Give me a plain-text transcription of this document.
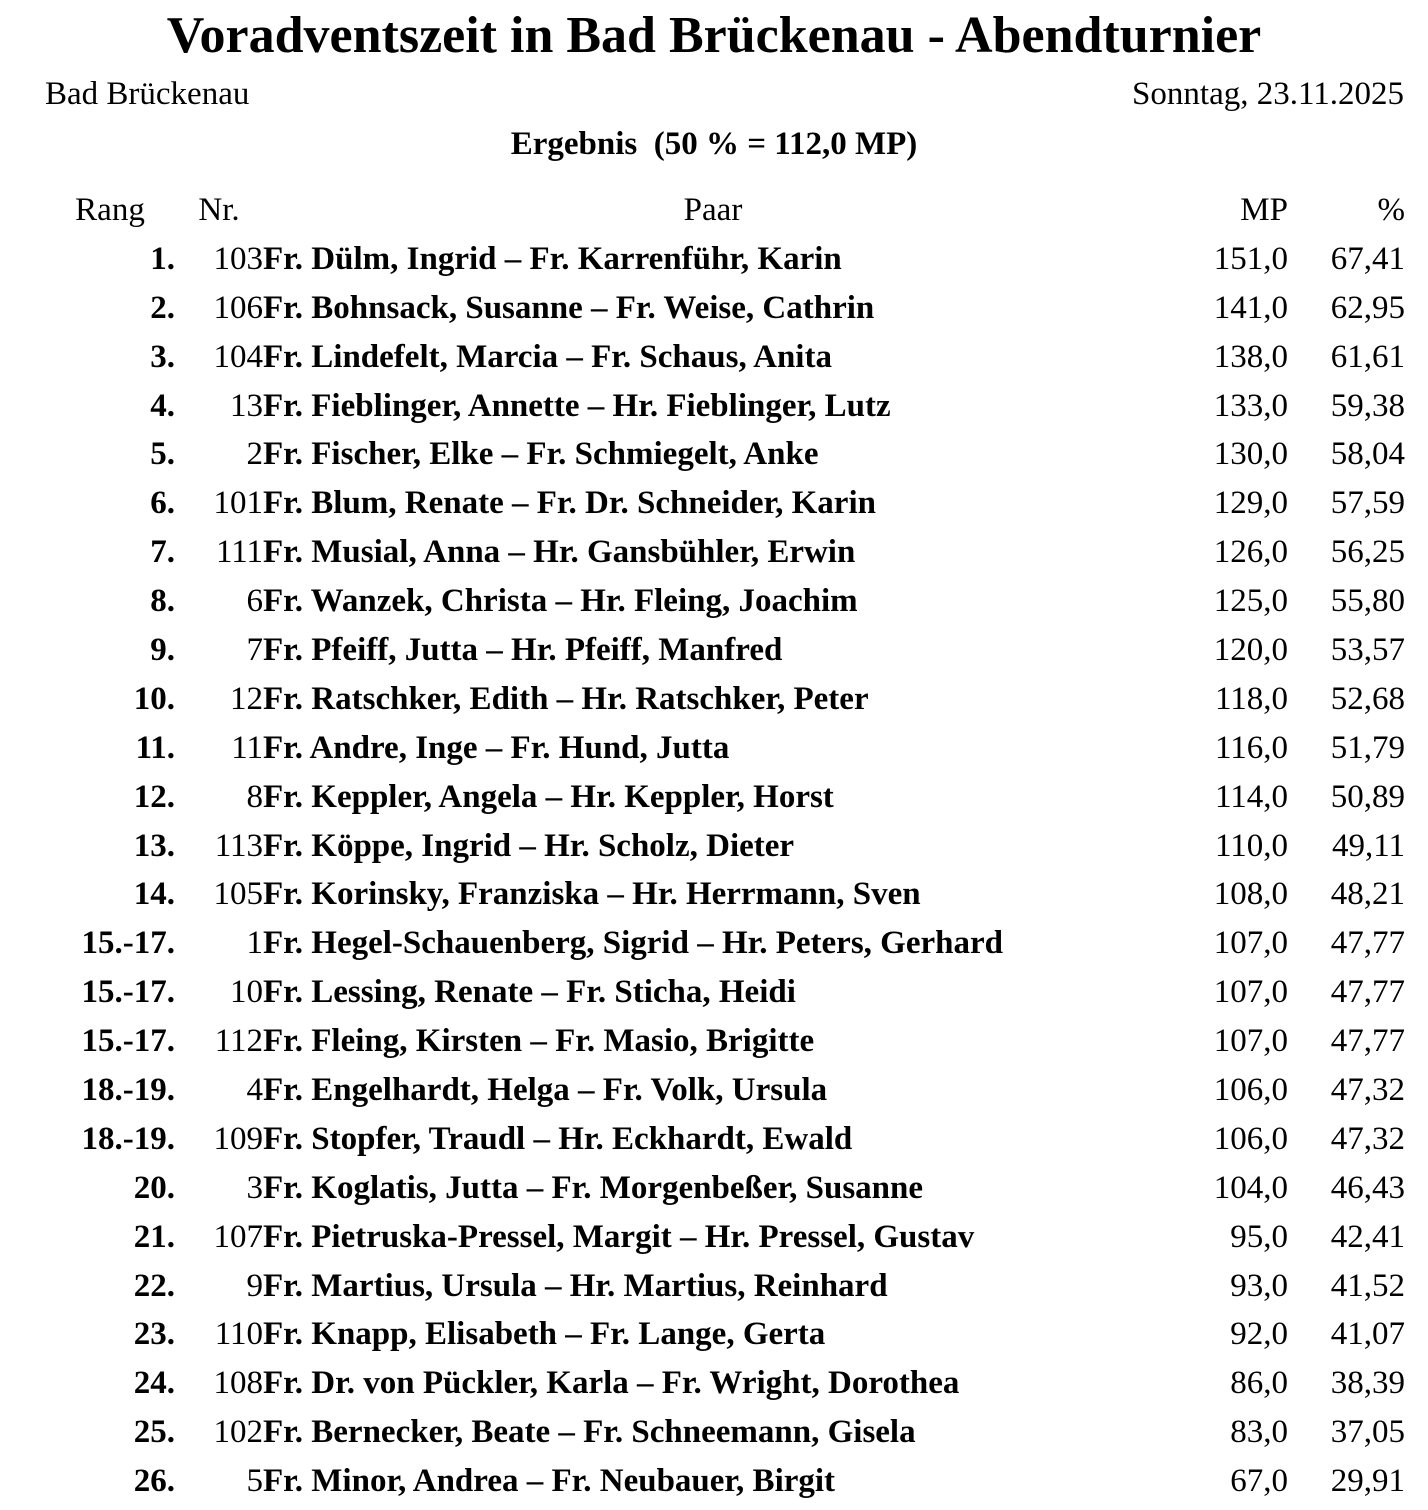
Voradventszeit in Bad Brückenau - Abendturnier
Bad Brückenau	Sonntag, 23.11.2025
Ergebnis  (50 % = 112,0 MP)
Rang	Nr.	Paar	MP	%
1.	103	Fr. Dülm, Ingrid – Fr. Karrenführ, Karin	151,0	67,41
2.	106	Fr. Bohnsack, Susanne – Fr. Weise, Cathrin	141,0	62,95
3.	104	Fr. Lindefelt, Marcia – Fr. Schaus, Anita	138,0	61,61
4.	13	Fr. Fieblinger, Annette – Hr. Fieblinger, Lutz	133,0	59,38
5.	2	Fr. Fischer, Elke – Fr. Schmiegelt, Anke	130,0	58,04
6.	101	Fr. Blum, Renate – Fr. Dr. Schneider, Karin	129,0	57,59
7.	111	Fr. Musial, Anna – Hr. Gansbühler, Erwin	126,0	56,25
8.	6	Fr. Wanzek, Christa – Hr. Fleing, Joachim	125,0	55,80
9.	7	Fr. Pfeiff, Jutta – Hr. Pfeiff, Manfred	120,0	53,57
10.	12	Fr. Ratschker, Edith – Hr. Ratschker, Peter	118,0	52,68
11.	11	Fr. Andre, Inge – Fr. Hund, Jutta	116,0	51,79
12.	8	Fr. Keppler, Angela – Hr. Keppler, Horst	114,0	50,89
13.	113	Fr. Köppe, Ingrid – Hr. Scholz, Dieter	110,0	49,11
14.	105	Fr. Korinsky, Franziska – Hr. Herrmann, Sven	108,0	48,21
15.-17.	1	Fr. Hegel-Schauenberg, Sigrid – Hr. Peters, Gerhard	107,0	47,77
15.-17.	10	Fr. Lessing, Renate – Fr. Sticha, Heidi	107,0	47,77
15.-17.	112	Fr. Fleing, Kirsten – Fr. Masio, Brigitte	107,0	47,77
18.-19.	4	Fr. Engelhardt, Helga – Fr. Volk, Ursula	106,0	47,32
18.-19.	109	Fr. Stopfer, Traudl – Hr. Eckhardt, Ewald	106,0	47,32
20.	3	Fr. Koglatis, Jutta – Fr. Morgenbeßer, Susanne	104,0	46,43
21.	107	Fr. Pietruska-Pressel, Margit – Hr. Pressel, Gustav	95,0	42,41
22.	9	Fr. Martius, Ursula – Hr. Martius, Reinhard	93,0	41,52
23.	110	Fr. Knapp, Elisabeth – Fr. Lange, Gerta	92,0	41,07
24.	108	Fr. Dr. von Pückler, Karla – Fr. Wright, Dorothea	86,0	38,39
25.	102	Fr. Bernecker, Beate – Fr. Schneemann, Gisela	83,0	37,05
26.	5	Fr. Minor, Andrea – Fr. Neubauer, Birgit	67,0	29,91
